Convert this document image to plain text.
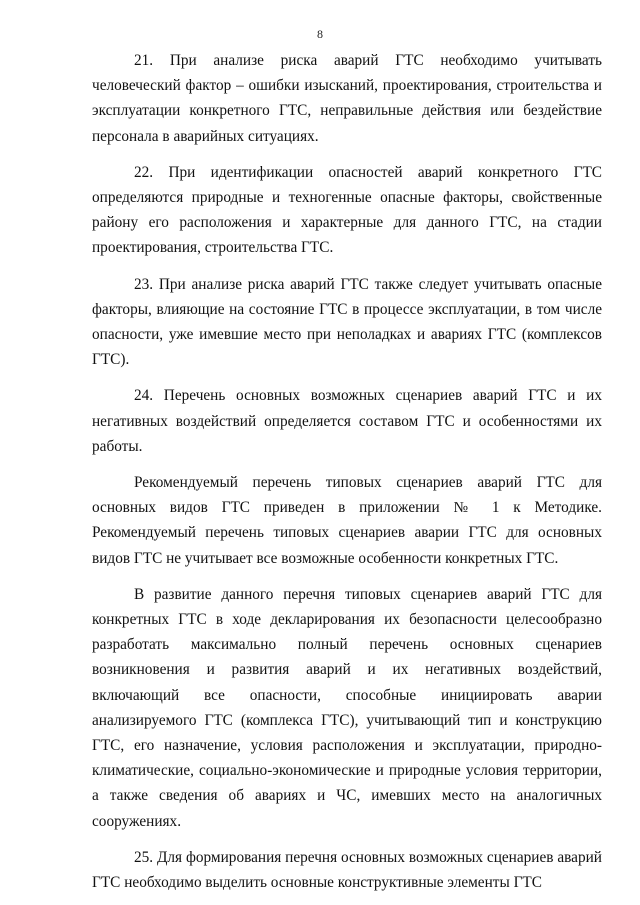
8

21. При анализе риска аварий ГТС необходимо учитывать человеческий фактор – ошибки изысканий, проектирования, строительства и эксплуатации конкретного ГТС, неправильные действия или бездействие персонала в аварийных ситуациях.

22. При идентификации опасностей аварий конкретного ГТС определяются природные и техногенные опасные факторы, свойственные району его расположения и характерные для данного ГТС, на стадии проектирования, строительства ГТС.

23. При анализе риска аварий ГТС также следует учитывать опасные факторы, влияющие на состояние ГТС в процессе эксплуатации, в том числе опасности, уже имевшие место при неполадках и авариях ГТС (комплексов ГТС).

24. Перечень основных возможных сценариев аварий ГТС и их негативных воздействий определяется составом ГТС и особенностями их работы.

Рекомендуемый перечень типовых сценариев аварий ГТС для основных видов ГТС приведен в приложении № 1 к Методике. Рекомендуемый перечень типовых сценариев аварии ГТС для основных видов ГТС не учитывает все возможные особенности конкретных ГТС.

В развитие данного перечня типовых сценариев аварий ГТС для конкретных ГТС в ходе декларирования их безопасности целесообразно разработать максимально полный перечень основных сценариев возникновения и развития аварий и их негативных воздействий, включающий все опасности, способные инициировать аварии анализируемого ГТС (комплекса ГТС), учитывающий тип и конструкцию ГТС, его назначение, условия расположения и эксплуатации, природно-климатические, социально-экономические и природные условия территории, а также сведения об авариях и ЧС, имевших место на аналогичных сооружениях.

25. Для формирования перечня основных возможных сценариев аварий ГТС необходимо выделить основные конструктивные элементы ГТС
